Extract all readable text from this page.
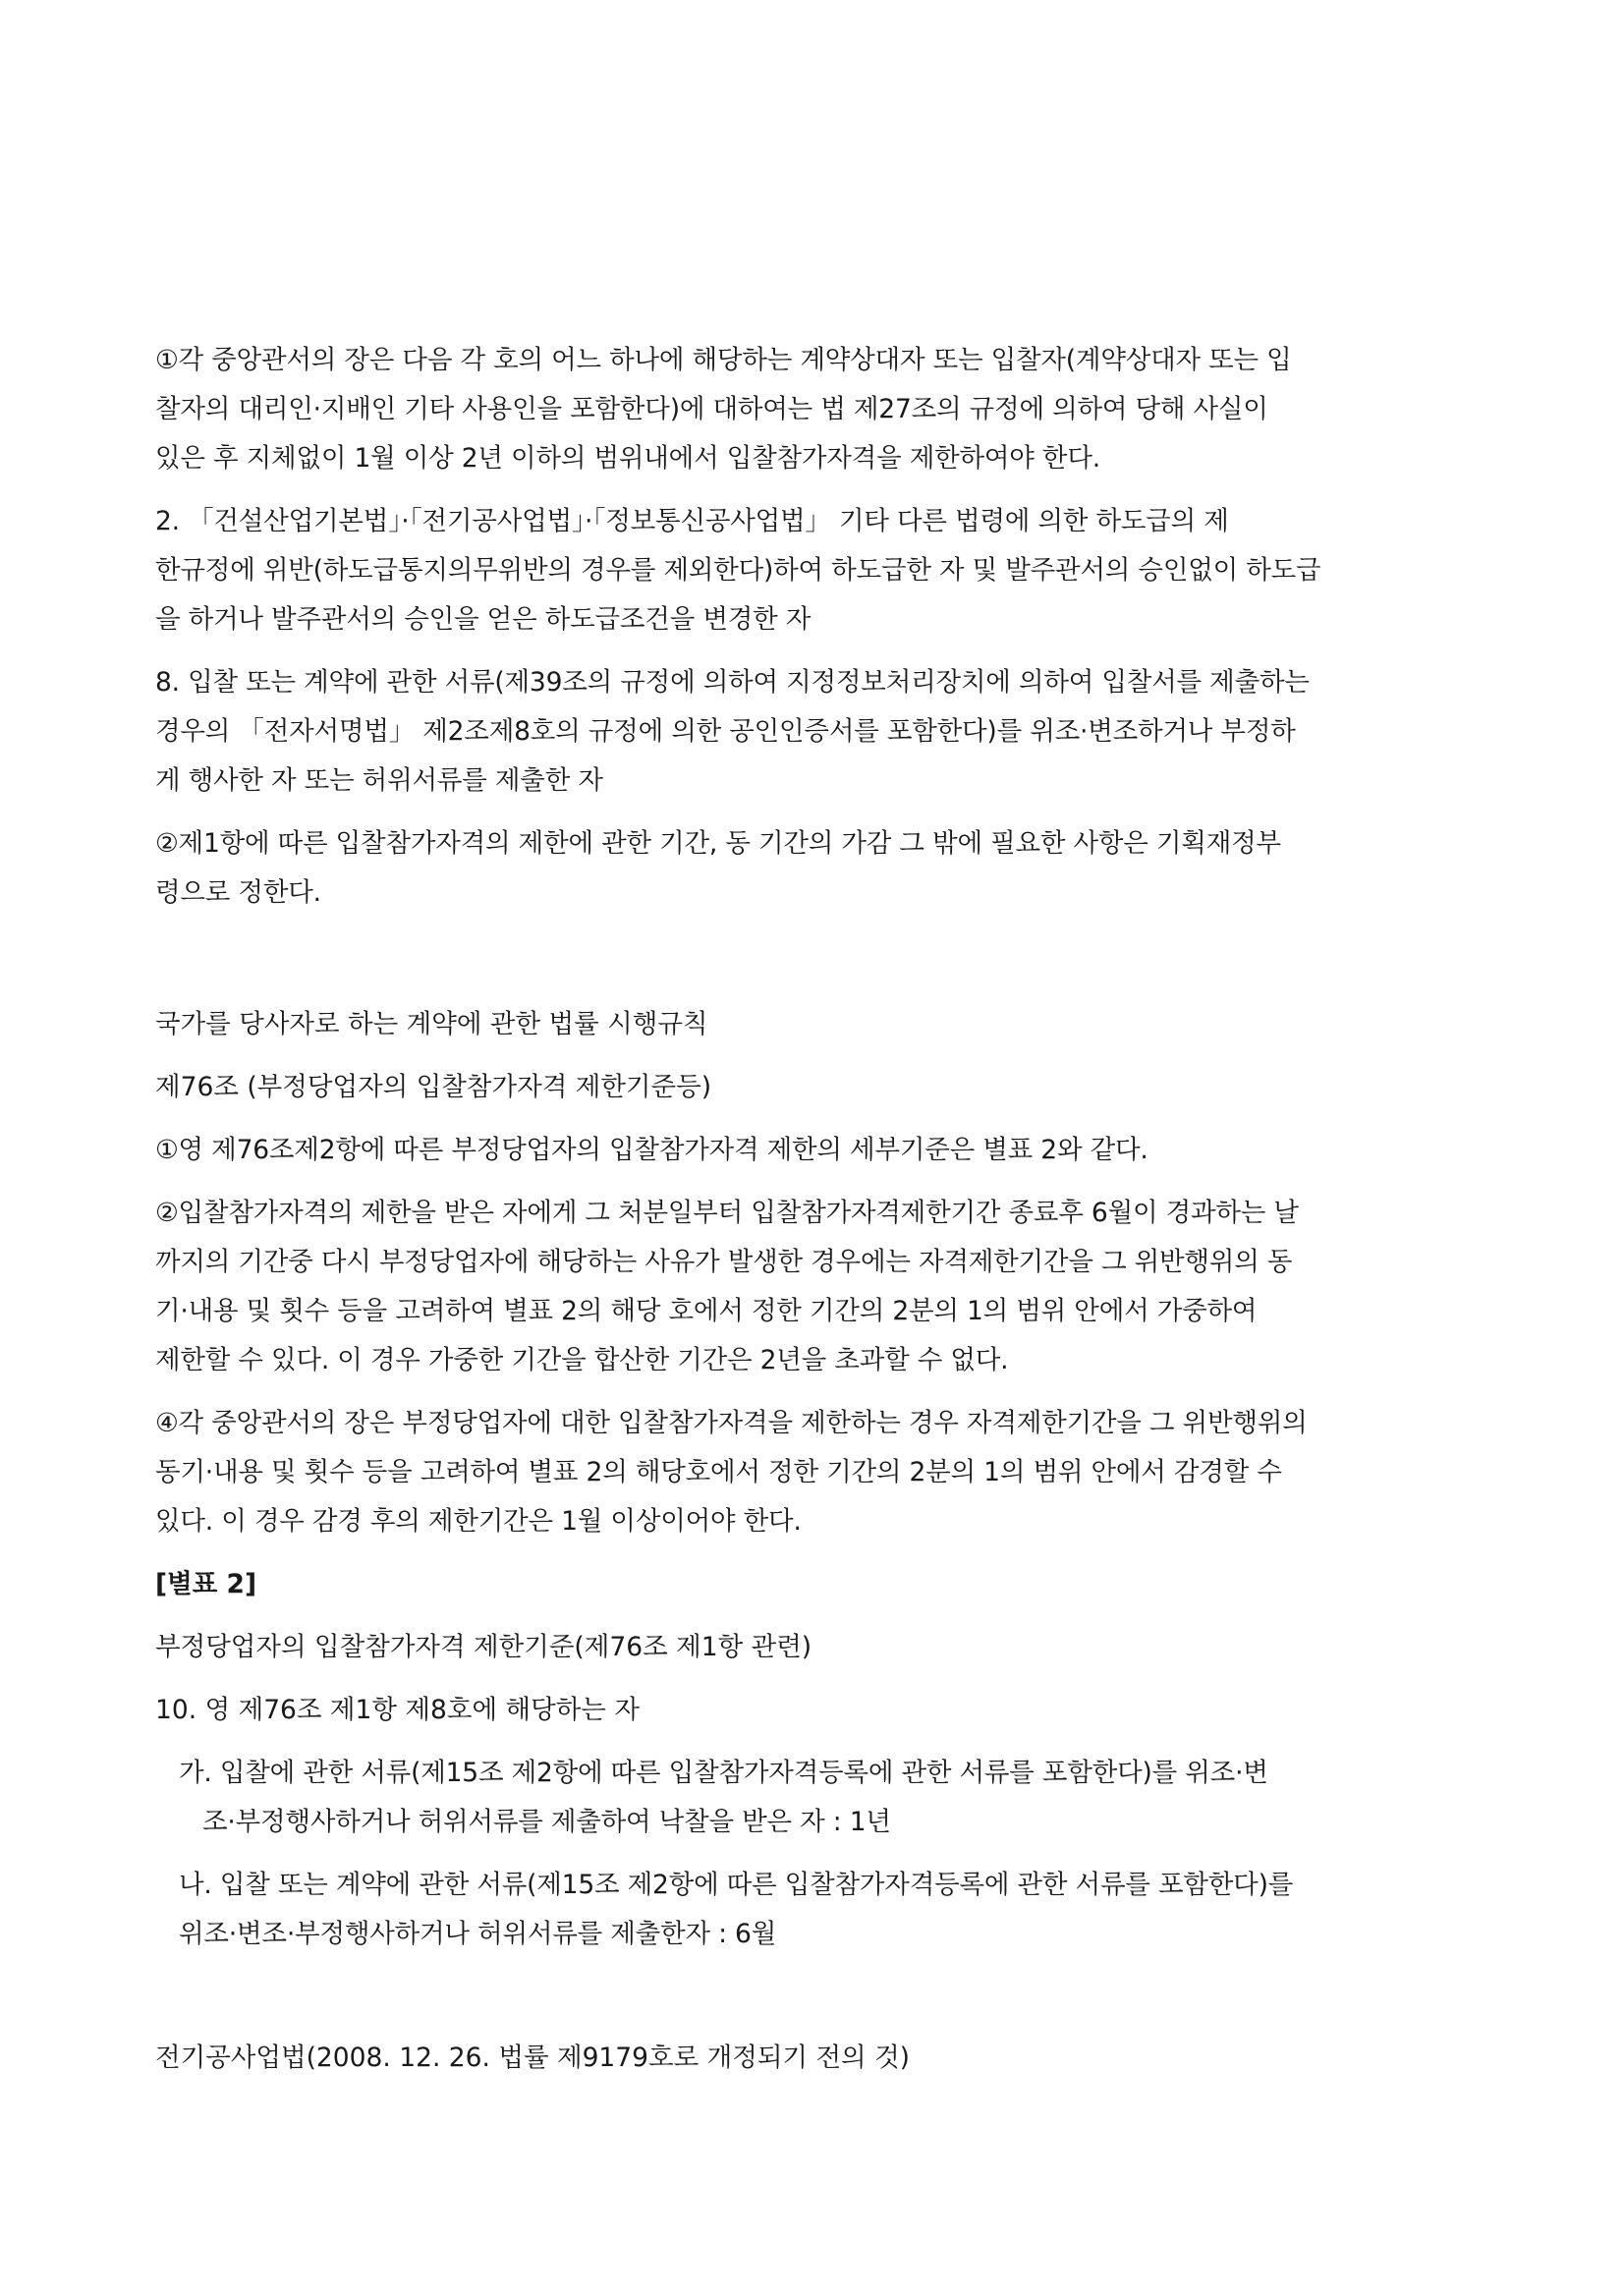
①각 중앙관서의 장은 다음 각 호의 어느 하나에 해당하는 계약상대자 또는 입찰자(계약상대자 또는 입
찰자의 대리인·지배인 기타 사용인을 포함한다)에 대하여는 법 제27조의 규정에 의하여 당해 사실이
있은 후 지체없이 1월 이상 2년 이하의 범위내에서 입찰참가자격을 제한하여야 한다.
2. 「건설산업기본법」·「전기공사업법」·「정보통신공사업법」 기타 다른 법령에 의한 하도급의 제
한규정에 위반(하도급통지의무위반의 경우를 제외한다)하여 하도급한 자 및 발주관서의 승인없이 하도급
을 하거나 발주관서의 승인을 얻은 하도급조건을 변경한 자
8. 입찰 또는 계약에 관한 서류(제39조의 규정에 의하여 지정정보처리장치에 의하여 입찰서를 제출하는
경우의 「전자서명법」 제2조제8호의 규정에 의한 공인인증서를 포함한다)를 위조·변조하거나 부정하
게 행사한 자 또는 허위서류를 제출한 자
②제1항에 따른 입찰참가자격의 제한에 관한 기간, 동 기간의 가감 그 밖에 필요한 사항은 기획재정부
령으로 정한다.
국가를 당사자로 하는 계약에 관한 법률 시행규칙
제76조 (부정당업자의 입찰참가자격 제한기준등)
①영 제76조제2항에 따른 부정당업자의 입찰참가자격 제한의 세부기준은 별표 2와 같다.
②입찰참가자격의 제한을 받은 자에게 그 처분일부터 입찰참가자격제한기간 종료후 6월이 경과하는 날
까지의 기간중 다시 부정당업자에 해당하는 사유가 발생한 경우에는 자격제한기간을 그 위반행위의 동
기·내용 및 횟수 등을 고려하여 별표 2의 해당 호에서 정한 기간의 2분의 1의 범위 안에서 가중하여
제한할 수 있다. 이 경우 가중한 기간을 합산한 기간은 2년을 초과할 수 없다.
④각 중앙관서의 장은 부정당업자에 대한 입찰참가자격을 제한하는 경우 자격제한기간을 그 위반행위의
동기·내용 및 횟수 등을 고려하여 별표 2의 해당호에서 정한 기간의 2분의 1의 범위 안에서 감경할 수
있다. 이 경우 감경 후의 제한기간은 1월 이상이어야 한다.
[별표 2]
부정당업자의 입찰참가자격 제한기준(제76조 제1항 관련)
10. 영 제76조 제1항 제8호에 해당하는 자
가. 입찰에 관한 서류(제15조 제2항에 따른 입찰참가자격등록에 관한 서류를 포함한다)를 위조·변
조·부정행사하거나 허위서류를 제출하여 낙찰을 받은 자 : 1년
나. 입찰 또는 계약에 관한 서류(제15조 제2항에 따른 입찰참가자격등록에 관한 서류를 포함한다)를
위조·변조·부정행사하거나 허위서류를 제출한자 : 6월
전기공사업법(2008. 12. 26. 법률 제9179호로 개정되기 전의 것)
